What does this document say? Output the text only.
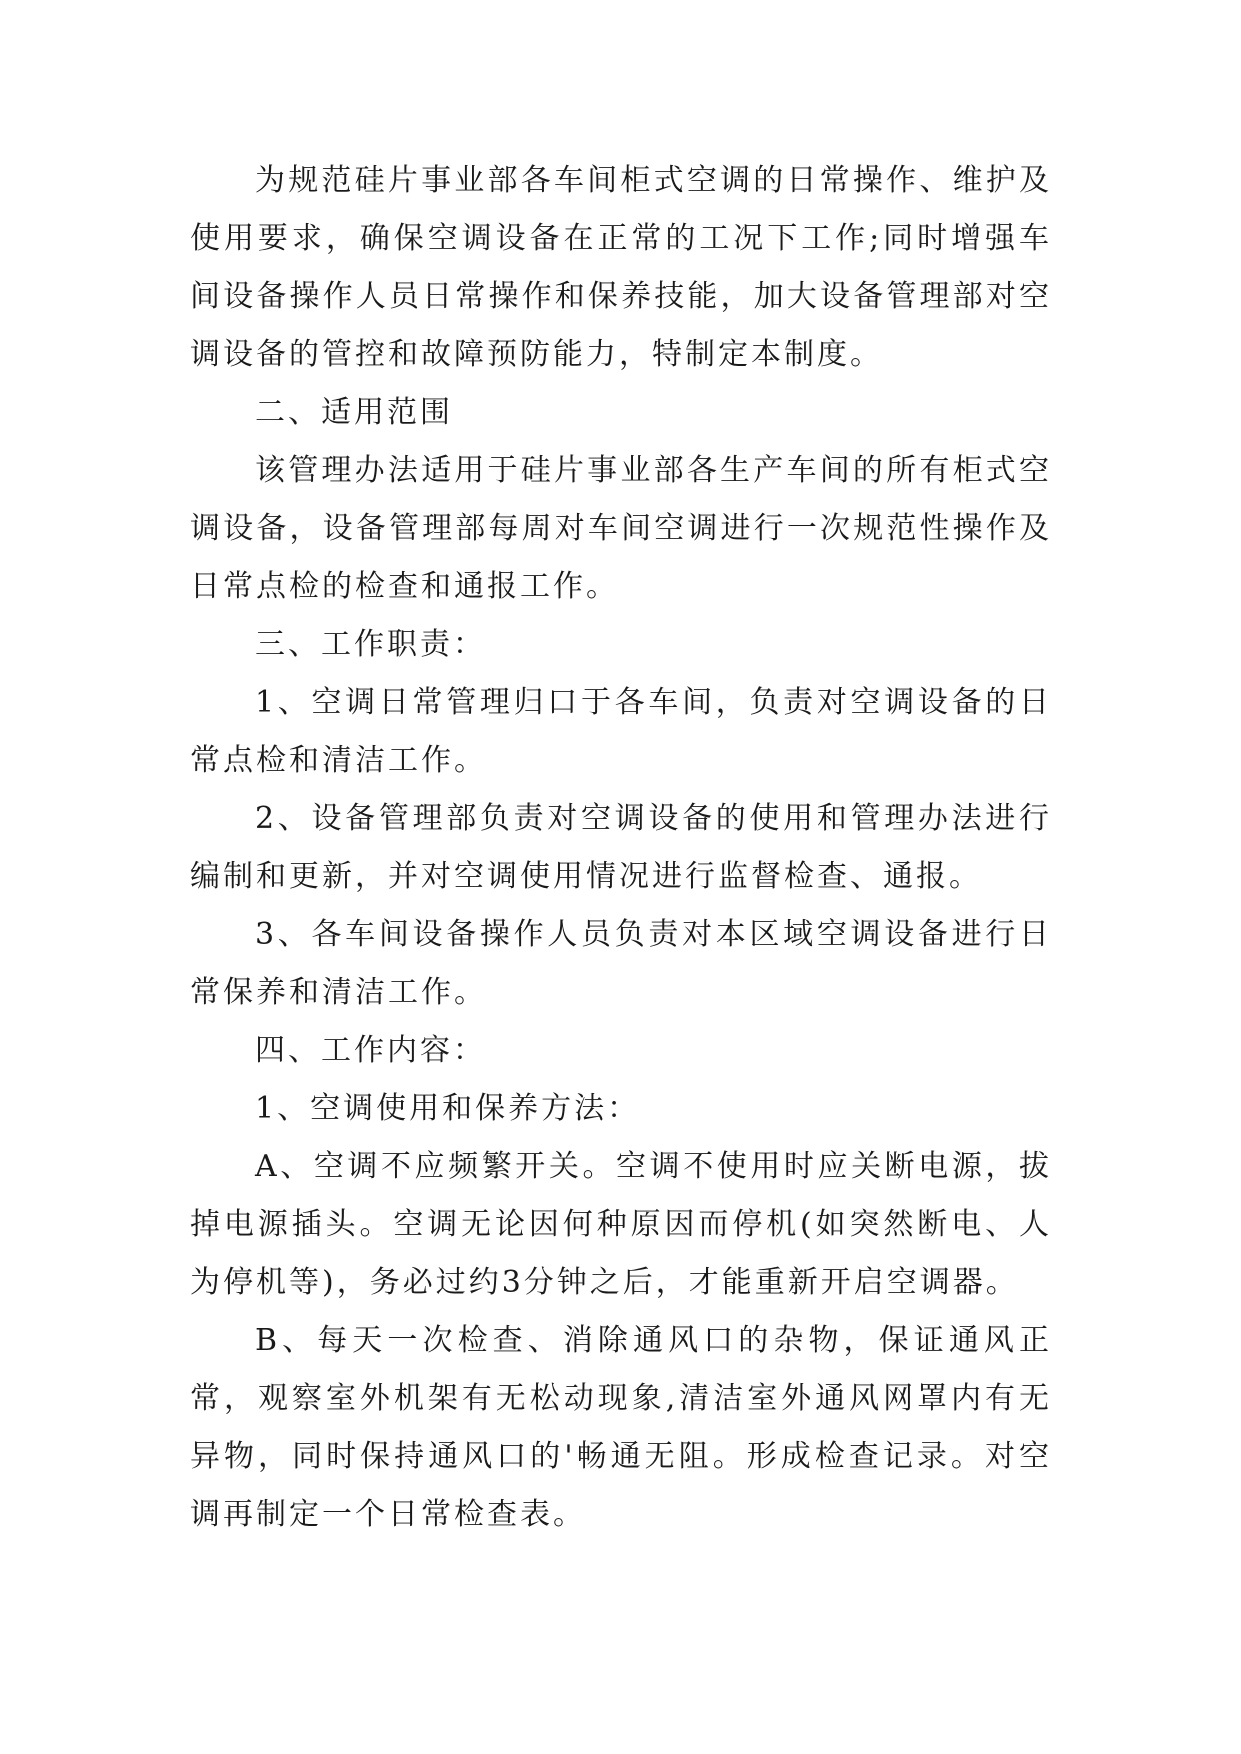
为规范硅片事业部各车间柜式空调的日常操作、维护及使用要求，确保空调设备在正常的工况下工作;同时增强车间设备操作人员日常操作和保养技能，加大设备管理部对空调设备的管控和故障预防能力，特制定本制度。

二、适用范围

该管理办法适用于硅片事业部各生产车间的所有柜式空调设备，设备管理部每周对车间空调进行一次规范性操作及日常点检的检查和通报工作。

三、工作职责：

1、空调日常管理归口于各车间，负责对空调设备的日常点检和清洁工作。

2、设备管理部负责对空调设备的使用和管理办法进行编制和更新，并对空调使用情况进行监督检查、通报。

3、各车间设备操作人员负责对本区域空调设备进行日常保养和清洁工作。

四、工作内容：

1、空调使用和保养方法：

A、空调不应频繁开关。空调不使用时应关断电源，拔掉电源插头。空调无论因何种原因而停机(如突然断电、人为停机等)，务必过约3分钟之后，才能重新开启空调器。

B、每天一次检查、消除通风口的杂物，保证通风正常，观察室外机架有无松动现象,清洁室外通风网罩内有无异物，同时保持通风口的'畅通无阻。形成检查记录。对空调再制定一个日常检查表。
